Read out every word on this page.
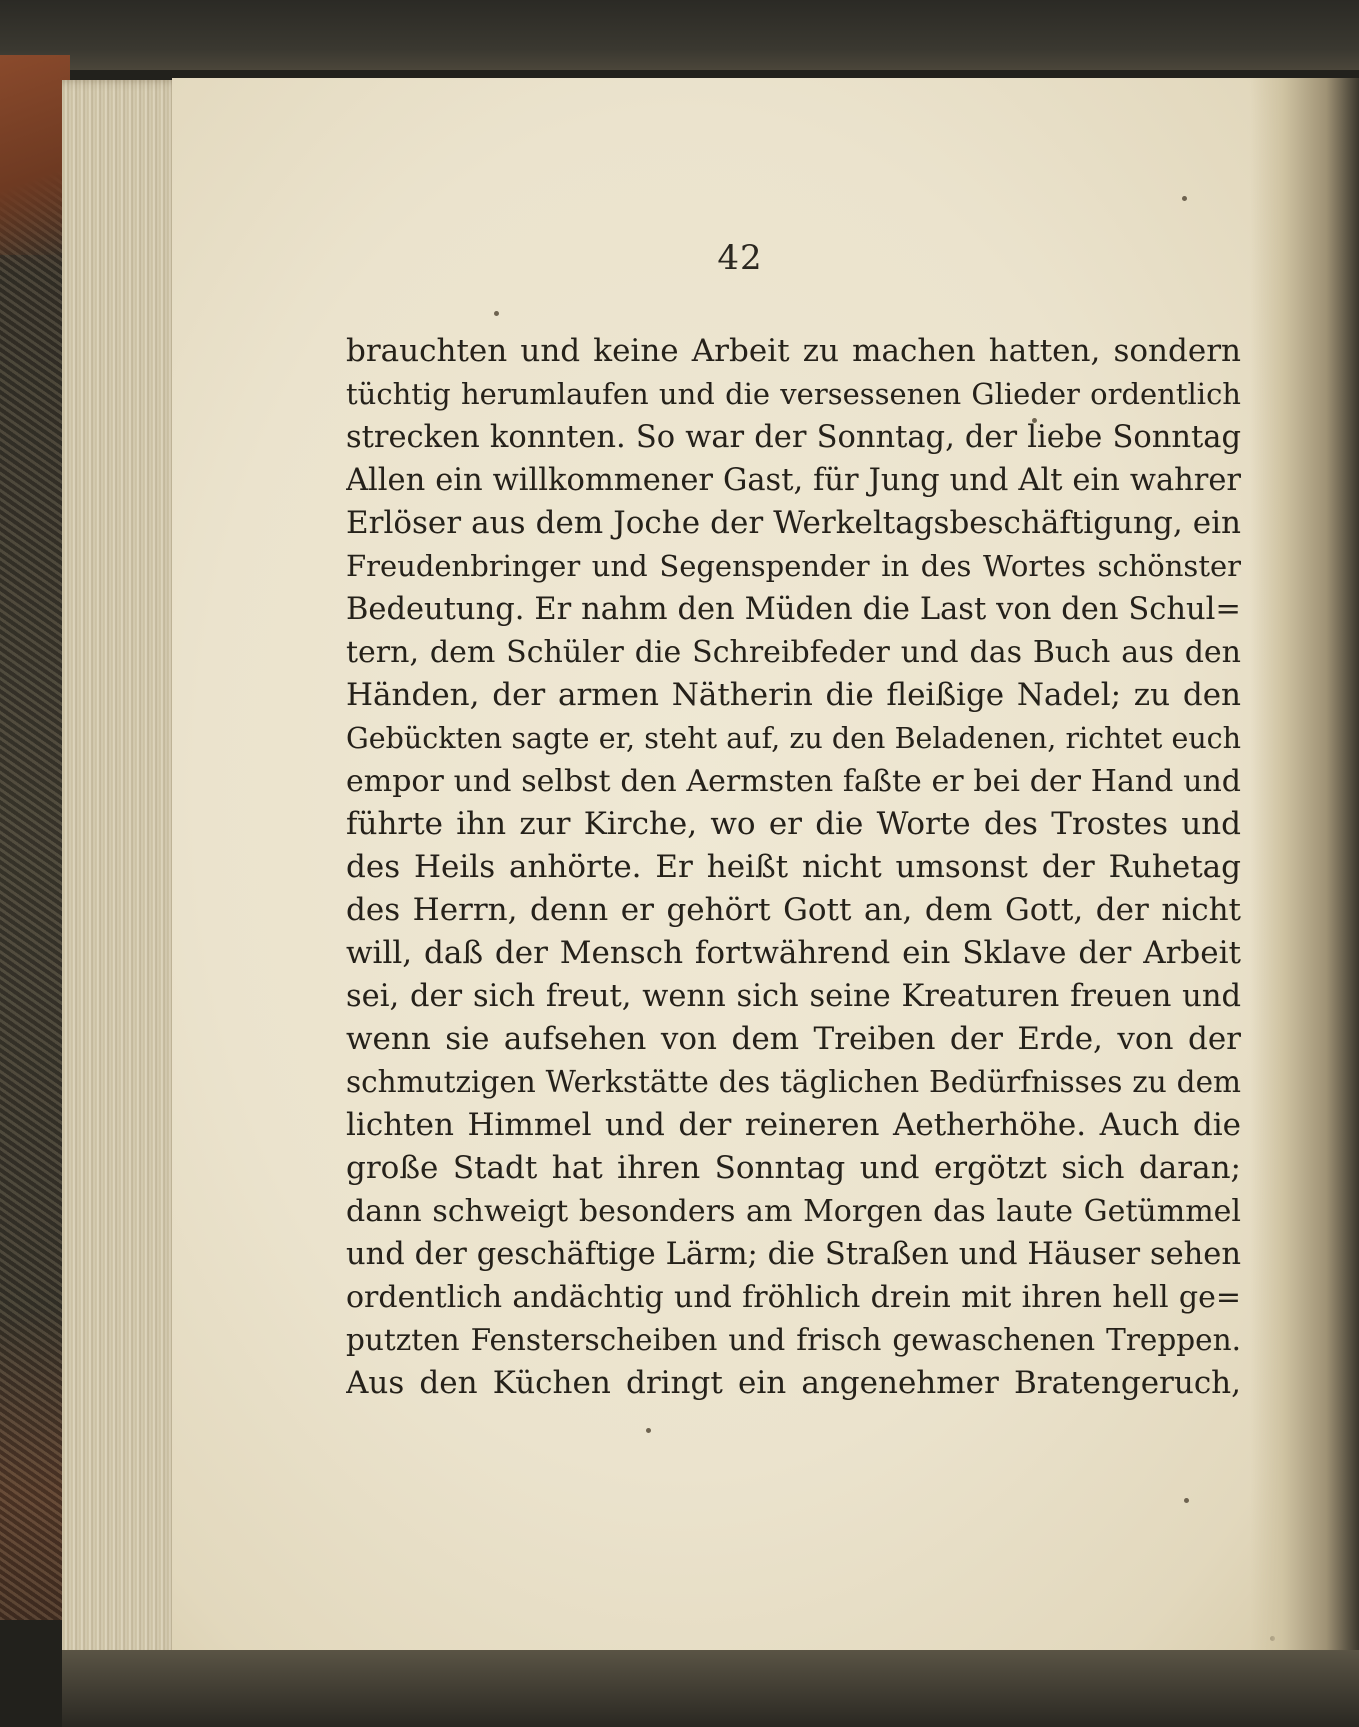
42
brauchten und keine Arbeit zu machen hatten, sondern
tüchtig herumlaufen und die versessenen Glieder ordentlich
strecken konnten. So war der Sonntag, der liebe Sonntag
Allen ein willkommener Gast, für Jung und Alt ein wahrer
Erlöser aus dem Joche der Werkeltagsbeschäftigung, ein
Freudenbringer und Segenspender in des Wortes schönster
Bedeutung. Er nahm den Müden die Last von den Schul=
tern, dem Schüler die Schreibfeder und das Buch aus den
Händen, der armen Nätherin die fleißige Nadel; zu den
Gebückten sagte er, steht auf, zu den Beladenen, richtet euch
empor und selbst den Aermsten faßte er bei der Hand und
führte ihn zur Kirche, wo er die Worte des Trostes und
des Heils anhörte. Er heißt nicht umsonst der Ruhetag
des Herrn, denn er gehört Gott an, dem Gott, der nicht
will, daß der Mensch fortwährend ein Sklave der Arbeit
sei, der sich freut, wenn sich seine Kreaturen freuen und
wenn sie aufsehen von dem Treiben der Erde, von der
schmutzigen Werkstätte des täglichen Bedürfnisses zu dem
lichten Himmel und der reineren Aetherhöhe. Auch die
große Stadt hat ihren Sonntag und ergötzt sich daran;
dann schweigt besonders am Morgen das laute Getümmel
und der geschäftige Lärm; die Straßen und Häuser sehen
ordentlich andächtig und fröhlich drein mit ihren hell ge=
putzten Fensterscheiben und frisch gewaschenen Treppen.
Aus den Küchen dringt ein angenehmer Bratengeruch,
